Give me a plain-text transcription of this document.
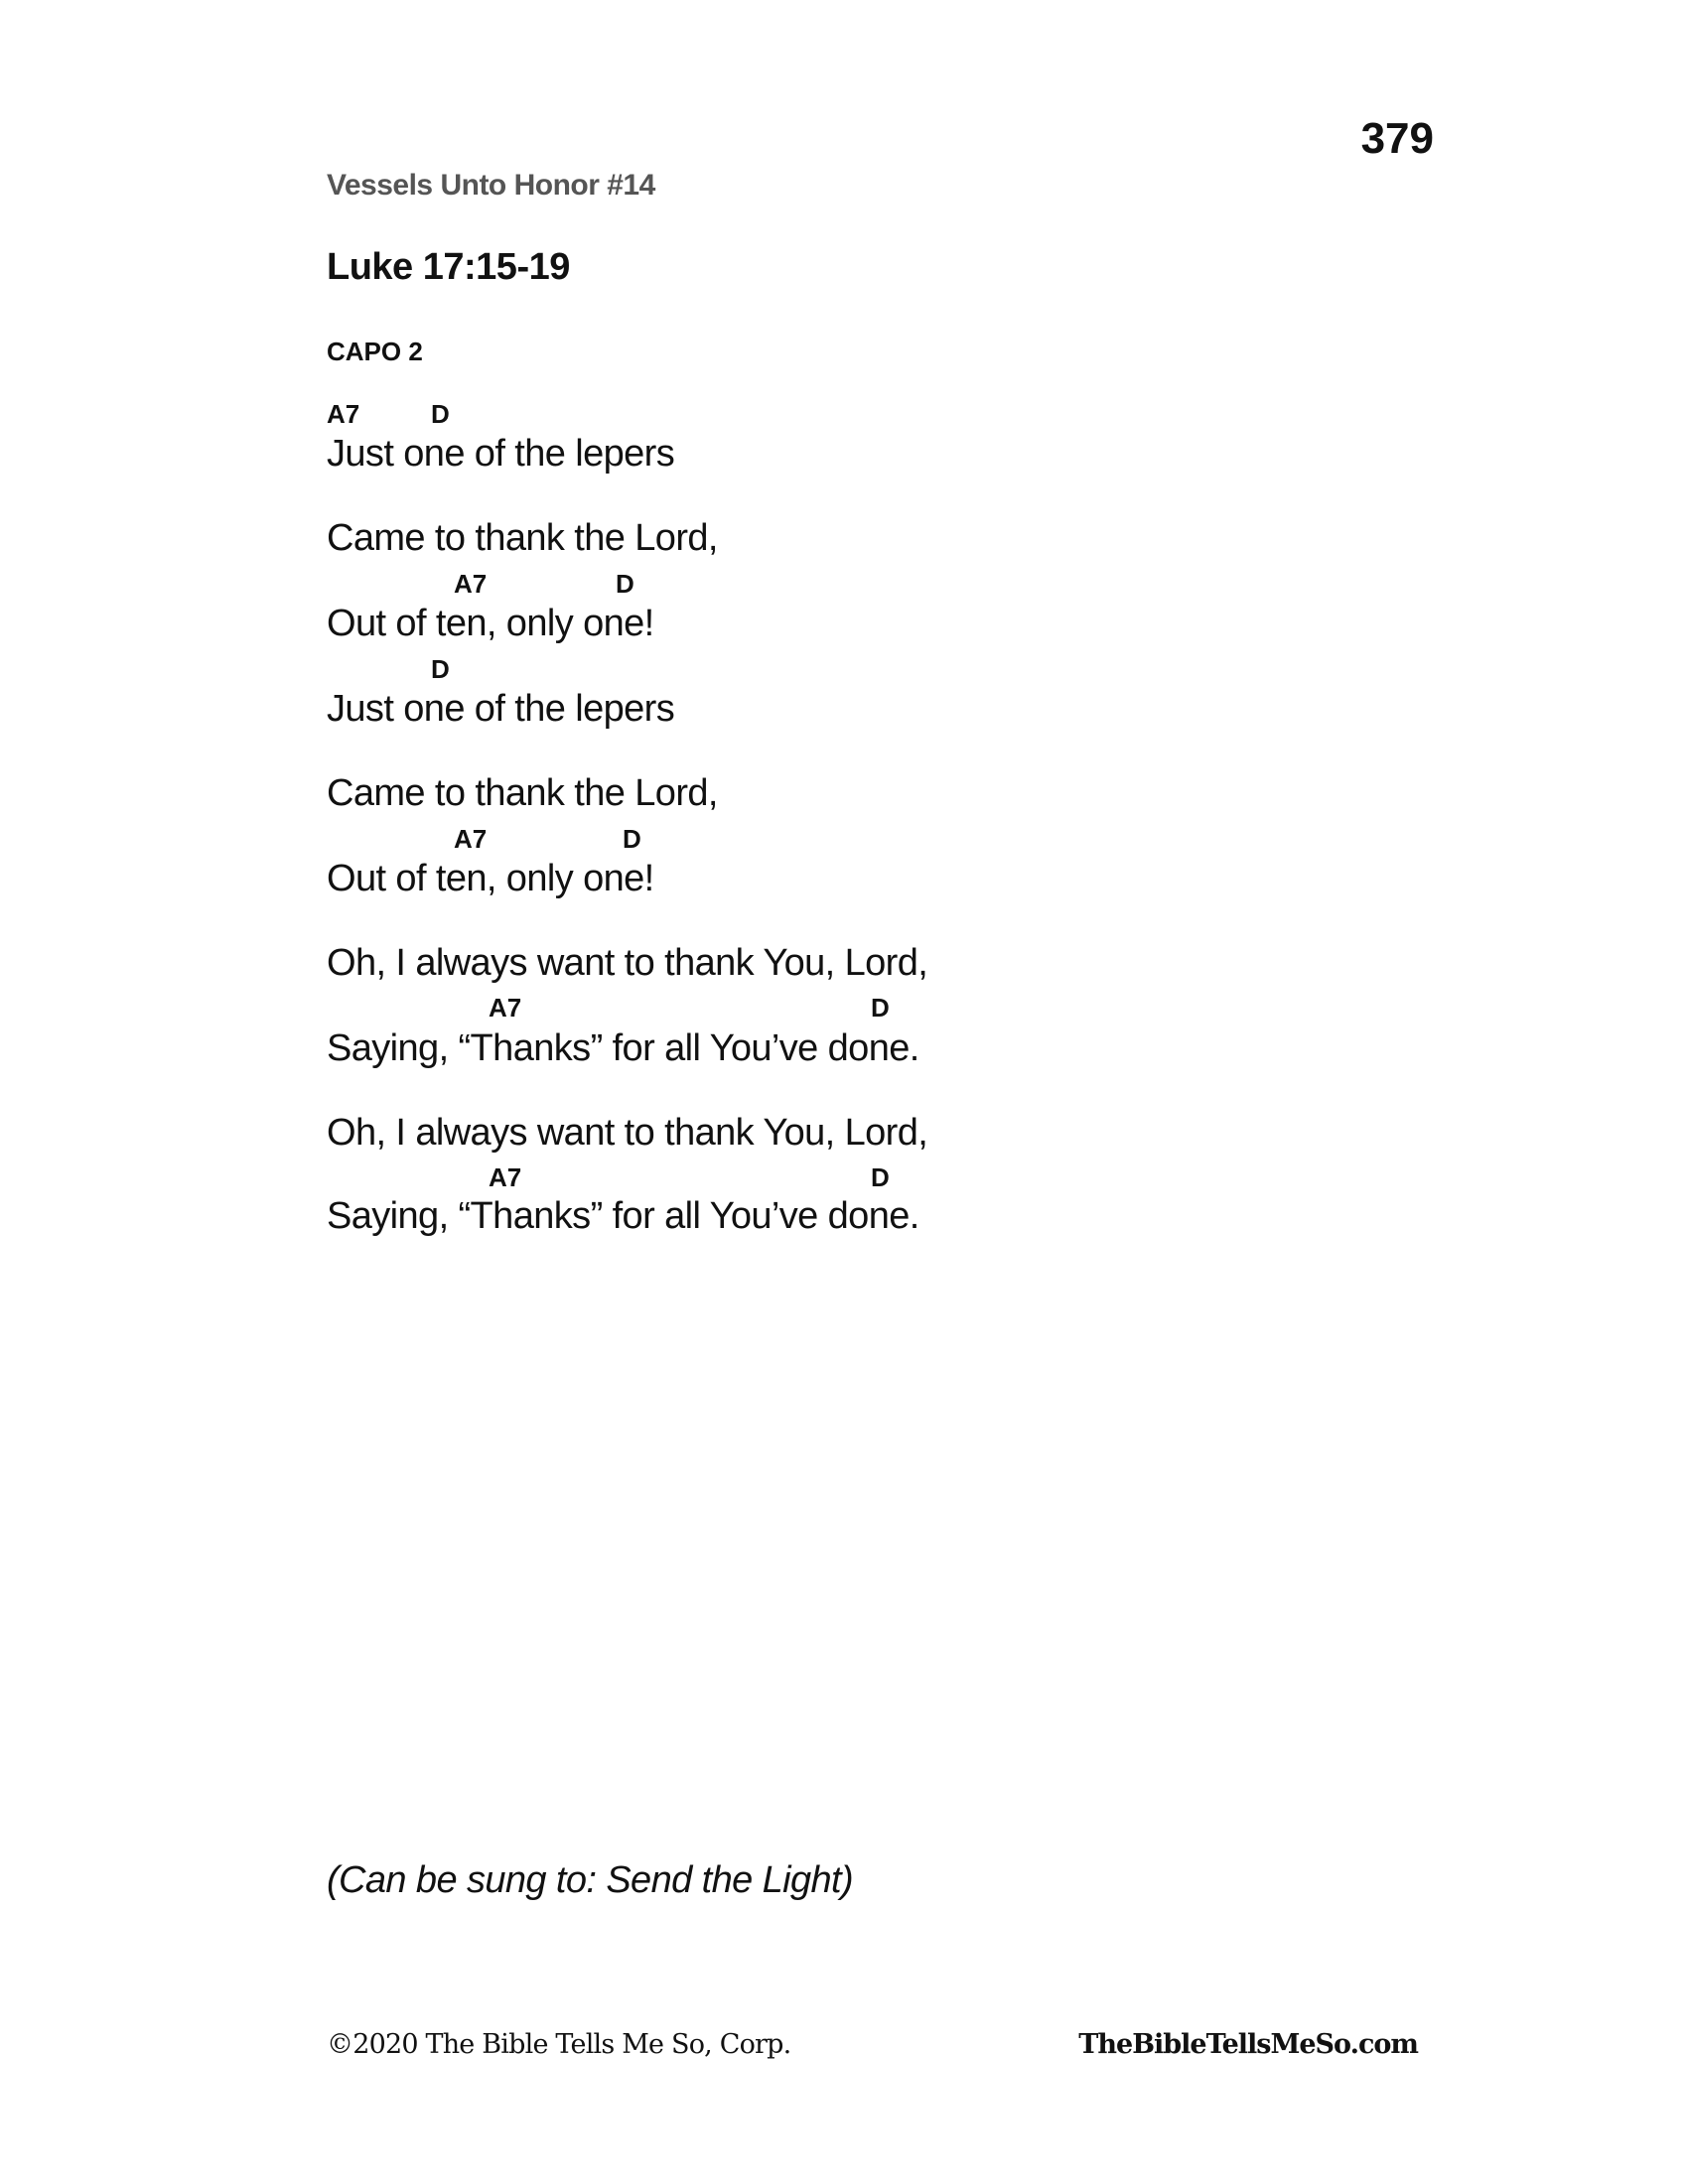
379
Vessels Unto Honor #14
Luke 17:15-19
CAPO 2
A7	D
Just one of the lepers
Came to thank the Lord,
A7	D
Out of ten, only one!
D
Just one of the lepers
Came to thank the Lord,
A7	D
Out of ten, only one!
Oh, I always want to thank You, Lord,
A7	D
Saying, “Thanks” for all You’ve done.
Oh, I always want to thank You, Lord,
A7	D
Saying, “Thanks” for all You’ve done.
(Can be sung to: Send the Light)
©2020 The Bible Tells Me So, Corp.	TheBibleTellsMeSo.com
